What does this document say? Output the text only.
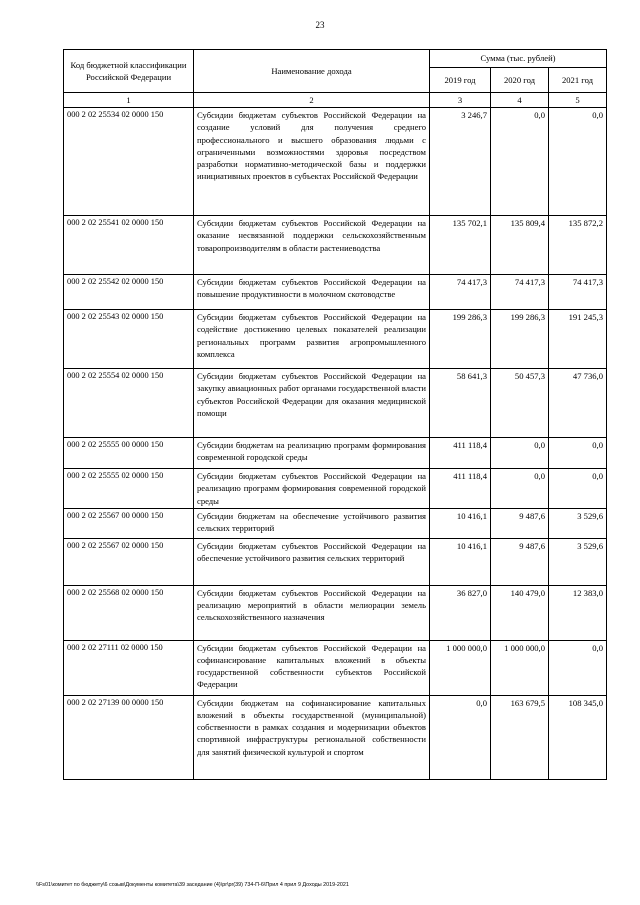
23
Код бюджетной классификации Российской Федерации	Наименование дохода	Сумма (тыс. рублей)		
		2019 год	2020 год	2021 год
1	2	3	4	5
000 2 02 25534 02 0000 150	Субсидии бюджетам субъектов Российской Федерации на создание условий для получения среднего профессионального и высшего образования людьми с ограниченными возможностями здоровья посредством разработки нормативно-методической базы и поддержки инициативных проектов в субъектах Российской Федерации	3 246,7	0,0	0,0
000 2 02 25541 02 0000 150	Субсидии бюджетам субъектов Российской Федерации на оказание несвязанной поддержки сельскохозяйственным товаропроизводителям в области растениеводства	135 702,1	135 809,4	135 872,2
000 2 02 25542 02 0000 150	Субсидии бюджетам субъектов Российской Федерации на повышение продуктивности в молочном скотоводстве	74 417,3	74 417,3	74 417,3
000 2 02 25543 02 0000 150	Субсидии бюджетам субъектов Российской Федерации на содействие достижению целевых показателей реализации региональных программ развития агропромышленного комплекса	199 286,3	199 286,3	191 245,3
000 2 02 25554 02 0000 150	Субсидии бюджетам субъектов Российской Федерации на закупку авиационных работ органами государственной власти субъектов Российской Федерации для оказания медицинской помощи	58 641,3	50 457,3	47 736,0
000 2 02 25555 00 0000 150	Субсидии бюджетам на реализацию программ формирования современной городской среды	411 118,4	0,0	0,0
000 2 02 25555 02 0000 150	Субсидии бюджетам субъектов Российской Федерации на реализацию программ формирования современной городской среды	411 118,4	0,0	0,0
000 2 02 25567 00 0000 150	Субсидии бюджетам на обеспечение устойчивого развития сельских территорий	10 416,1	9 487,6	3 529,6
000 2 02 25567 02 0000 150	Субсидии бюджетам субъектов Российской Федерации на обеспечение устойчивого развития сельских территорий	10 416,1	9 487,6	3 529,6
000 2 02 25568 02 0000 150	Субсидии бюджетам субъектов Российской Федерации на реализацию мероприятий в области мелиорации земель сельскохозяйственного назначения	36 827,0	140 479,0	12 383,0
000 2 02 27111 02 0000 150	Субсидии бюджетам субъектов Российской Федерации на софинансирование капитальных вложений в объекты государственной собственности субъектов Российской Федерации	1 000 000,0	1 000 000,0	0,0
000 2 02 27139 00 0000 150	Субсидии бюджетам на софинансирование капитальных вложений в объекты государственной (муниципальной) собственности в рамках создания и модернизации объектов спортивной инфраструктуры региональной собственности для занятий физической культурой и спортом	0,0	163 679,5	108 345,0
\\Fs01\комитет по бюджету\6 созыв\Документы комитета\39 заседание (4)\pr\pr(39) 734-П-6\Прил 4 прил 9 Доходы 2019-2021
